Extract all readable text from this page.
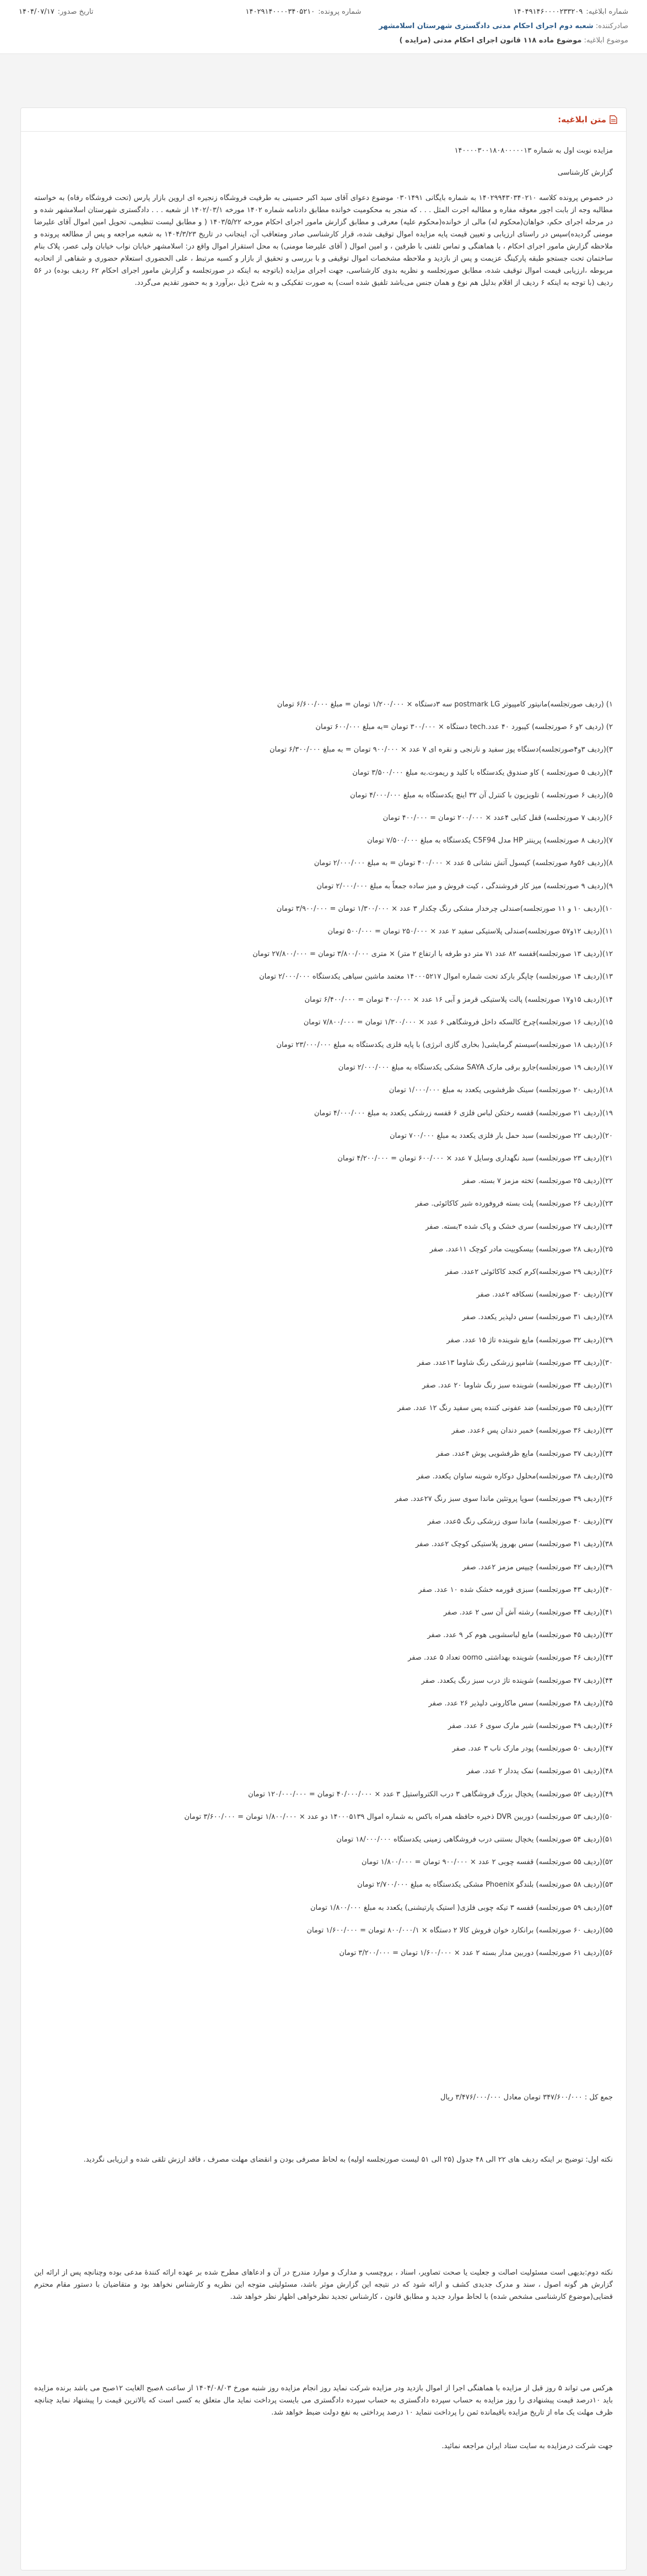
شماره ابلاغیه:
۱۴۰۴۹۱۴۶۰۰۰۰۲۳۳۲۰۹
شماره پرونده:
۱۴۰۲۹۱۴۰۰۰۰۳۴۰۵۲۱۰
تاریخ صدور:
۱۴۰۴/۰۷/۱۷
صادرکننده: شعبه دوم اجرای احکام مدنی دادگستری شهرستان اسلامشهر
موضوع ابلاغیه: موضوع ماده ۱۱۸ قانون اجرای احکام مدنی (مزایده )
متن ابلاغیه:

مزایده نوبت اول به شماره ۱۴۰۰۰۰۳۰۰۱۸۰۸۰۰۰۰۰۱۳

گزارش کارشناسی

در خصوص پرونده کلاسه ۱۴۰۲۹۹۴۳۰۳۴۰۲۱۰ به شماره بایگانی ۰۳۰۱۴۹۱ موضوع دعوای آقای سید اکبر حسینی به طرفیت فروشگاه زنجیره ای اروین بازار پارس (تحت فروشگاه رفاه) به خواسته مطالبه وجه از بابت اجور معوقه مفاره و مطالبه اجرت المثل . . . که منجر به محکومیت خوانده مطابق دادنامه شماره ۱۴۰۲ مورخه ۱۴۰۲/۰۳/۱ از شعبه . . . دادگستری شهرستان اسلامشهر شده و در مرحله اجرای حکم، خواهان(محکوم له) مالی از خوانده(محکوم علیه) معرفی و مطابق گزارش مامور اجرای احکام مورخه ۱۴۰۳/۵/۲۲ ( و مطابق لیست تنظیمی، تحویل امین اموال آقای علیرضا مومنی گردیده)سپس در راستای ارزیابی و تعیین قیمت پایه مزایده اموال توقیف شده، قرار کارشناسی صادر ومتعاقب آن، اینجانب در تاریخ ۱۴۰۴/۳/۲۳ به شعبه مراجعه و پس از مطالعه پرونده و ملاحظه گزارش مامور اجرای احکام ، با هماهنگی و تماس تلفنی با طرفین ، و امین اموال ( آقای علیرضا مومنی) به محل استقرار اموال واقع در: اسلامشهر خیابان نواب خیابان ولی عصر، پلاک بنام ساختمان تحت جستجو طبقه پارکینگ عزیمت و پس از بازدید و ملاحظه مشخصات اموال توقیفی و با بررسی و تحقیق از بازار و کسبه مرتبط ، علی الحضوری استعلام حضوری و شفاهی از اتحادیه مربوطه ،ارزیابی قیمت اموال توقیف شده، مطابق صورتجلسه و نظریه بدوی کارشناسی، جهت اجرای مزایده (باتوجه به اینکه در صورتجلسه و گزارش مامور اجرای احکام ۶۲ ردیف بوده) در ۵۶ ردیف (با توجه به اینکه ۶ ردیف از اقلام بدلیل هم نوع و همان جنس می‌باشد تلفیق شده است) به صورت تفکیکی و به شرح ذیل ،برآورد و به حضور تقدیم می‌گردد.
۱) (ردیف صورتجلسه)مانیتور کامپیوتر postmark LG سه ۳دستگاه × ۱/۲۰۰/۰۰۰ تومان = مبلغ ۶/۶۰۰/۰۰۰ تومان
۲) (ردیف ۲و ۶ صورتجلسه) کیبورد ۴۰ عدد.tech دستگاه × ۳۰۰/۰۰۰ تومان =به مبلغ ۶۰۰/۰۰۰ تومان
۳)(ردیف ۳و۴صورتجلسه)دستگاه پوز سفید و نارنجی و نقره ای ۷ عدد × ۹۰۰/۰۰۰ تومان = به مبلغ ۶/۳۰۰/۰۰۰ تومان
۴)(ردیف ۵ صورتجلسه ) کاو صندوق یکدستگاه با کلید و ریموت.به مبلغ ۳/۵۰۰/۰۰۰ تومان
۵)(ردیف ۶ صورتجلسه ) تلویزیون با کنترل آن ۳۲ اینچ یکدستگاه به مبلغ ۴/۰۰۰/۰۰۰ تومان
۶)(ردیف ۷ صورتجلسه) قفل کنابی ۴عدد × ۲۰۰/۰۰۰ تومان = ۴۰۰/۰۰۰ تومان
۷)(ردیف ۸ صورتجلسه) پرینتر HP مدل C5F94 یکدستگاه به مبلغ ۷/۵۰۰/۰۰۰ تومان
۸)(ردیف ۵۶و۸ صورتجلسه) کپسول آتش نشانی ۵ عدد × ۴۰۰/۰۰۰ تومان = به مبلغ ۲/۰۰۰/۰۰۰ تومان
۹)(ردیف ۹ صورتجلسه) میز کار فروشندگی ، کیت فروش و میز ساده جمعاً به مبلغ ۲/۰۰۰/۰۰۰ تومان
۱۰)(ردیف ۱۰ و ۱۱ صورتجلسه)صندلی چرخدار مشکی رنگ چکدار ۳ عدد × ۱/۳۰۰/۰۰۰ تومان = ۳/۹۰۰/۰۰۰ تومان
۱۱)(ردیف ۱۲و۵۷ صورتجلسه)صندلی پلاستیکی سفید ۲ عدد × ۲۵۰/۰۰۰ تومان = ۵۰۰/۰۰۰ تومان
۱۲)(ردیف ۱۳ صورتجلسه)قفسه ۸۲ عدد ۷۱ متر دو طرفه با ارتفاع ۲ متر) × متری ۳/۸۰۰/۰۰۰ تومان = ۲۷/۸۰۰/۰۰۰ تومان
۱۳)(ردیف ۱۴ صورتجلسه) چاپگر بارکد تحت شماره اموال ۱۴۰۰۰۵۲۱۷ معتمد ماشین سیاهی یکدستگاه ۲/۰۰۰/۰۰۰ تومان
۱۴)(ردیف ۱۵و۱۷ صورتجلسه) پالت پلاستیکی قرمز و آبی ۱۶ عدد × ۴۰۰/۰۰۰ تومان = ۶/۴۰۰/۰۰۰ تومان
۱۵)(ردیف ۱۶ صورتجلسه)چرخ کالسکه داخل فروشگاهی ۶ عدد × ۱/۳۰۰/۰۰۰ تومان = ۷/۸۰۰/۰۰۰ تومان
۱۶)(ردیف ۱۸ صورتجلسه)سیستم گرمایشی( بخاری گازی انرژی) با پایه فلزی یکدستگاه به مبلغ ۲۳/۰۰۰/۰۰۰ تومان
۱۷)(ردیف ۱۹ صورتجلسه)جارو برقی مارک SAYA مشکی یکدستگاه به مبلغ ۲/۰۰۰/۰۰۰ تومان
۱۸)(ردیف ۲۰ صورتجلسه) سینک ظرفشویی یکعدد به مبلغ ۱/۰۰۰/۰۰۰ تومان
۱۹)(ردیف ۲۱ صورتجلسه) قفسه رختکن لباس فلزی ۶ قفسه زرشکی یکعدد به مبلغ ۴/۰۰۰/۰۰۰ تومان
۲۰)(ردیف ۲۲ صورتجلسه) سبد حمل بار فلزی یکعدد به مبلغ ۷۰۰/۰۰۰ تومان
۲۱)(ردیف ۲۳ صورتجلسه) سبد نگهداری وسایل ۷ عدد × ۶۰۰/۰۰۰ تومان = ۴/۲۰۰/۰۰۰ تومان
۲۲)(ردیف ۲۵ صورتجلسه) تخته مزمز ۷ بسته. صفر
۲۳)(ردیف ۲۶ صورتجلسه) پلت بسته فروفورده شیر کاکائوئی. صفر
۲۴)(ردیف ۲۷ صورتجلسه) سری خشک و پاک شده ۳بسته. صفر
۲۵)(ردیف ۲۸ صورتجلسه) بیسکوییت مادر کوچک ۱۱عدد. صفر
۲۶)(ردیف ۲۹ صورتجلسه)کرم کنجد کاکائوئی ۲عدد. صفر
۲۷)(ردیف ۳۰ صورتجلسه) نسکافه ۲عدد. صفر
۲۸)(ردیف ۳۱ صورتجلسه) سس دلپذیر یکعدد. صفر
۲۹)(ردیف ۳۲ صورتجلسه) مایع شوینده تاژ ۱۵ عدد. صفر
۳۰)(ردیف ۳۳ صورتجلسه) شامپو زرشکی رنگ شاوما ۱۳عدد. صفر
۳۱)(ردیف ۳۴ صورتجلسه) شوینده سبز رنگ شاوما ۲۰ عدد. صفر
۳۲)(ردیف ۳۵ صورتجلسه) ضد عفونی کننده پس سفید رنگ ۱۲ عدد. صفر
۳۳)(ردیف ۳۶ صورتجلسه) خمیر دندان پس ۶عدد. صفر
۳۴)(ردیف ۳۷ صورتجلسه) مایع ظرفشویی پوش ۴عدد. صفر
۳۵)(ردیف ۳۸ صورتجلسه)محلول دوکاره شوینه ساوان یکعدد. صفر
۳۶)(ردیف ۳۹ صورتجلسه) سوپا پروتئین ماندا سوی سبز رنگ ۲۷عدد. صفر
۳۷)(ردیف ۴۰ صورتجلسه) ماندا سوی زرشکی رنگ ۵عدد. صفر
۳۸)(ردیف ۴۱ صورتجلسه) سس بهروز پلاستیکی کوچک ۲عدد. صفر
۳۹)(ردیف ۴۲ صورتجلسه) چیپس مزمز ۲عدد. صفر
۴۰)(ردیف ۴۳ صورتجلسه) سبزی قورمه خشک شده ۱۰ عدد. صفر
۴۱)(ردیف ۴۴ صورتجلسه) رشته آش آن سی ۲ عدد. صفر
۴۲)(ردیف ۴۵ صورتجلسه) مایع لباسشویی هوم کر ۹ عدد. صفر
۴۳)(ردیف ۴۶ صورتجلسه) شوینده بهداشتی oomo تعداد ۵ عدد. صفر
۴۴)(ردیف ۴۷ صورتجلسه) شوینده تاژ درب سبز رنگ یکعدد. صفر
۴۵)(ردیف ۴۸ صورتجلسه) سس ماکارونی دلپذیر ۲۶ عدد. صفر
۴۶)(ردیف ۴۹ صورتجلسه) شیر مارک سوی ۶ عدد. صفر
۴۷)(ردیف ۵۰ صورتجلسه) پودر مارک ناب ۳ عدد. صفر
۴۸)(ردیف ۵۱ صورتجلسه) نمک یددار ۲ عدد. صفر
۴۹)(ردیف ۵۲ صورتجلسه) یخچال بزرگ فروشگاهی ۳ درب الکترواستیل ۳ عدد × ۴۰/۰۰۰/۰۰۰ تومان = ۱۲۰/۰۰۰/۰۰۰ تومان
۵۰)(ردیف ۵۳ صورتجلسه) دوربین DVR ذخیره حافظه همراه باکس به شماره اموال ۱۴۰۰۰۵۱۳۹ دو عدد × ۱/۸۰۰/۰۰۰ تومان = ۳/۶۰۰/۰۰۰ تومان
۵۱)(ردیف ۵۴ صورتجلسه) یخچال بستنی درب فروشگاهی زمینی یکدستگاه ۱۸/۰۰۰/۰۰۰ تومان
۵۲)(ردیف ۵۵ صورتجلسه) قفسه چوبی ۲ عدد × ۹۰۰/۰۰۰ تومان = ۱/۸۰۰/۰۰۰ تومان
۵۳)(ردیف ۵۸ صورتجلسه) بلندگو Phoenix مشکی یکدستگاه به مبلغ ۲/۷۰۰/۰۰۰ تومان
۵۴)(ردیف ۵۹ صورتجلسه) قفسه ۳ تیکه چوبی فلزی( استیک پارتیشنی) یکعدد به مبلغ ۱/۸۰۰/۰۰۰ تومان
۵۵)(ردیف ۶۰ صورتجلسه) برانکارد خوان فروش کالا ۲ دستگاه × ۸۰۰/۰۰۰/۱ تومان = ۱/۶۰۰/۰۰۰ تومان
۵۶)(ردیف ۶۱ صورتجلسه) دوربین مدار بسته ۲ عدد × ۱/۶۰۰/۰۰۰ تومان = ۳/۲۰۰/۰۰۰ تومان
جمع کل : ۳۴۷/۶۰۰/۰۰۰ تومان معادل ۳/۴۷۶/۰۰۰/۰۰۰ ریال
نکته اول: توضیح بر اینکه ردیف های ۲۲ الی ۴۸ جدول (۲۵ الی ۵۱ لیست صورتجلسه اولیه) به لحاظ مصرفی بودن و انقضای مهلت مصرف ، فاقد ارزش تلقی شده و ارزیابی نگردید.
نکته دوم:بدیهی است مسئولیت اصالت و جعلیت یا صحت تصاویر، اسناد ، بروچسب و مدارک و موارد مندرج در آن و ادعاهای مطرح شده بر عهده ارائه کنندۀ مدعی بوده وچنانچه پس از ارائه این گزارش هر گونه اصول ، سند و مدرک جدیدی کشف و ارائه شود که در نتیجه این گزارش موثر باشد، مسئولیتی متوجه این نظریه و کارشناس نخواهد بود و متقاضیان با دستور مقام محترم قضایی(موضوع کارشناسی مشخص شده) با لحاظ موارد جدید و مطابق قانون ، کارشناس تجدید نظرخواهی اظهار نظر خواهد شد.
هرکس می تواند ۵ روز قبل از مزایده با هماهنگی اجرا از اموال بازدید ودر مزایده شرکت نماید روز انجام مزایده روز شنبه مورخ ۱۴۰۴/۰۸/۰۳ از ساعت ۸صبح الغایت ۱۲صبح می باشد برنده مزایده باید ۱۰درصد قیمت پیشنهادی را روز مزایده به حساب سپرده دادگستری به حساب سپرده دادگستری می بایست پرداخت نماید مال متعلق به کسی است که بالاترین قیمت را پیشنهاد نماید چنانچه ظرف مهلت یک ماه از تاریخ مزایده باقیمانده ثمن را پرداخت ننماید ۱۰ درصد پرداختی به نفع دولت ضبط خواهد شد.
جهت شرکت درمزایده به سایت ستاد ایران مراجعه نمائید.
